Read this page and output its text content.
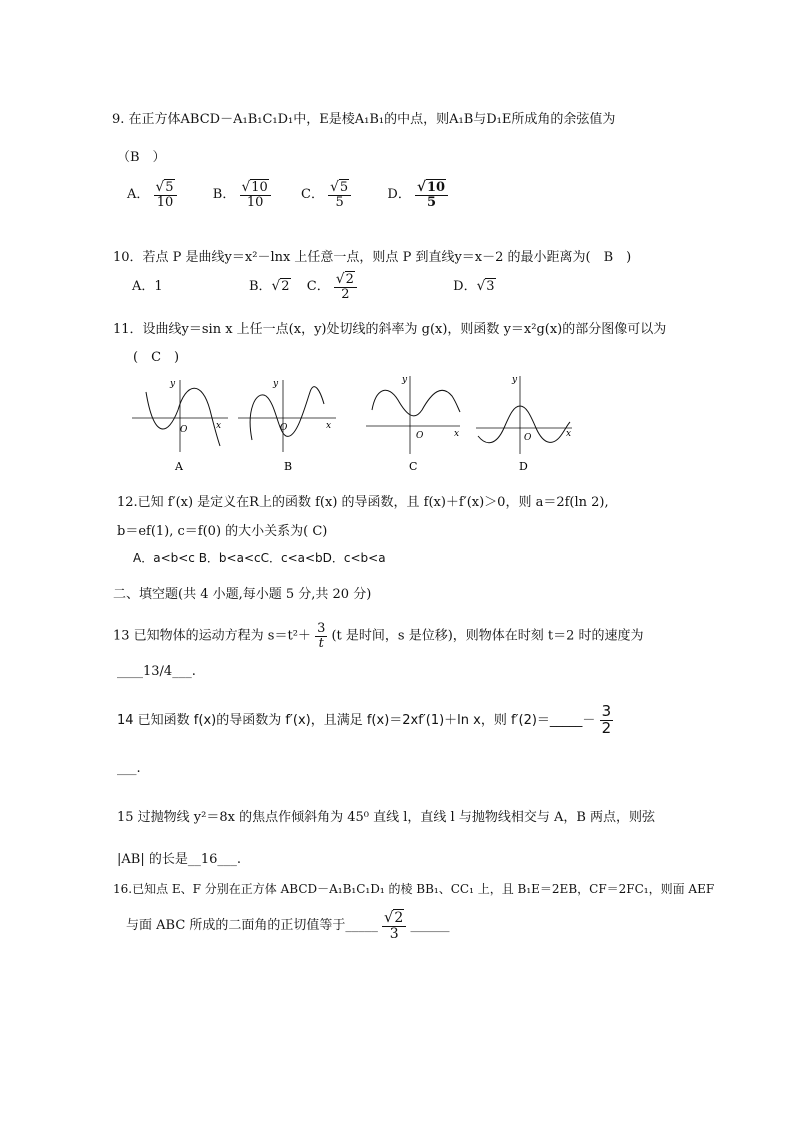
9. 在正方体ABCD－A₁B₁C₁D₁中，E是棱A₁B₁的中点，则A₁B与D₁E所成角的余弦值为
（B　）
A． $\frac{√5}{10}$	B． $\frac{√10}{10}$ C． $\frac{√5}{5}$	D． $\frac{√10}{5}$
10．若点 P 是曲线y＝x²－lnx 上任意一点，则点 P 到直线y＝x－2 的最小距离为(　B　)
A．1	B．√2 C． $\frac{√2}{2}$	D．√3
11．设曲线y＝sin x 上任一点(x，y)处切线的斜率为 g(x)，则函数 y＝x²g(x)的部分图像可以为
(　C　)
y
x
O
A
y
x
O
B
y
x
O
C
y
x
O
D
12.已知 f′(x) 是定义在R上的函数 f(x) 的导函数，且 f(x)＋f′(x)＞0，则 a＝2f(ln 2),
b＝ef(1), c＝f(0) 的大小关系为( C)
A．a<b<c B．b<a<cC．c<a<bD．c<b<a
二、填空题(共 4 小题,每小题 5 分,共 20 分)
13 已知物体的运动方程为 $s=t^2+ \frac{3}{t} (t$ 是时间，s 是位移)，则物体在时刻 t＝2 时的速度为
____13/4___.
14 已知函数 f(x)的导函数为 f′(x)，且满足 f(x)＝2xf′(1)＋ln x，则 f′(2)＝_____－ $\frac{3}{2}$
___.
15 过抛物线 y²＝8x 的焦点作倾斜角为 45⁰ 直线 l，直线 l 与抛物线相交与 A，B 两点，则弦
|AB| 的长是__16___.
16.已知点 E、F 分别在正方体 ABCD－A₁B₁C₁D₁ 的棱 BB₁、CC₁ 上，且 B₁E＝2EB，CF＝2FC₁，则面 AEF
与面 ABC 所成的二面角的正切值等于_____ $\frac{√2}{3}$ ______
